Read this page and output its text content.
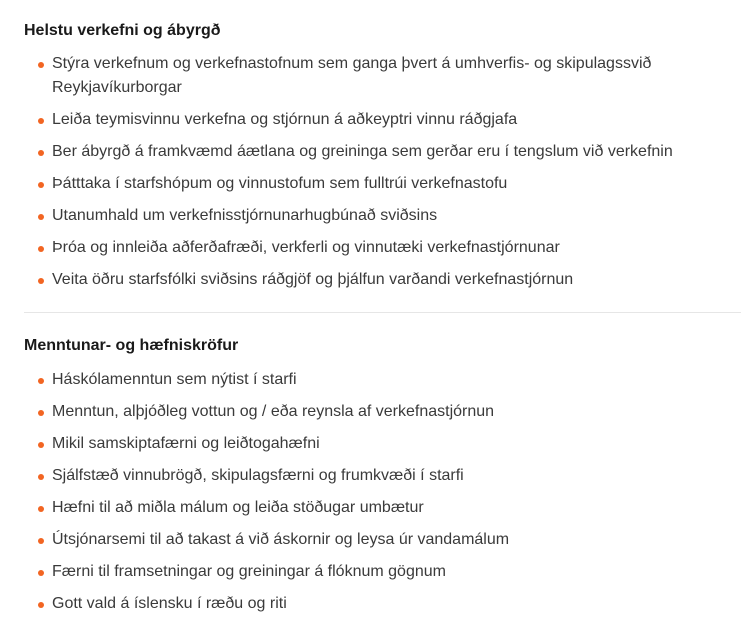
Helstu verkefni og ábyrgð
Stýra verkefnum og verkefnastofnum sem ganga þvert á umhverfis- og skipulagssvið Reykjavíkurborgar
Leiða teymisvinnu verkefna og stjórnun á aðkeyptri vinnu ráðgjafa
Ber ábyrgð á framkvæmd áætlana og greininga sem gerðar eru í tengslum við verkefnin
Þátttaka í starfshópum og vinnustofum sem fulltrúi verkefnastofu
Utanumhald um verkefnisstjórnunarhugbúnað sviðsins
Þróa og innleiða aðferðafræði, verkferli og vinnutæki verkefnastjórnunar
Veita öðru starfsfólki sviðsins ráðgjöf og þjálfun varðandi verkefnastjórnun
Menntunar- og hæfniskröfur
Háskólamenntun sem nýtist í starfi
Menntun, alþjóðleg vottun og / eða reynsla af verkefnastjórnun
Mikil samskiptafærni og leiðtogahæfni
Sjálfstæð vinnubrögð, skipulagsfærni og frumkvæði í starfi
Hæfni til að miðla málum og leiða stöðugar umbætur
Útsjónarsemi til að takast á við áskornir og leysa úr vandamálum
Færni til framsetningar og greiningar á flóknum gögnum
Gott vald á íslensku í ræðu og riti
